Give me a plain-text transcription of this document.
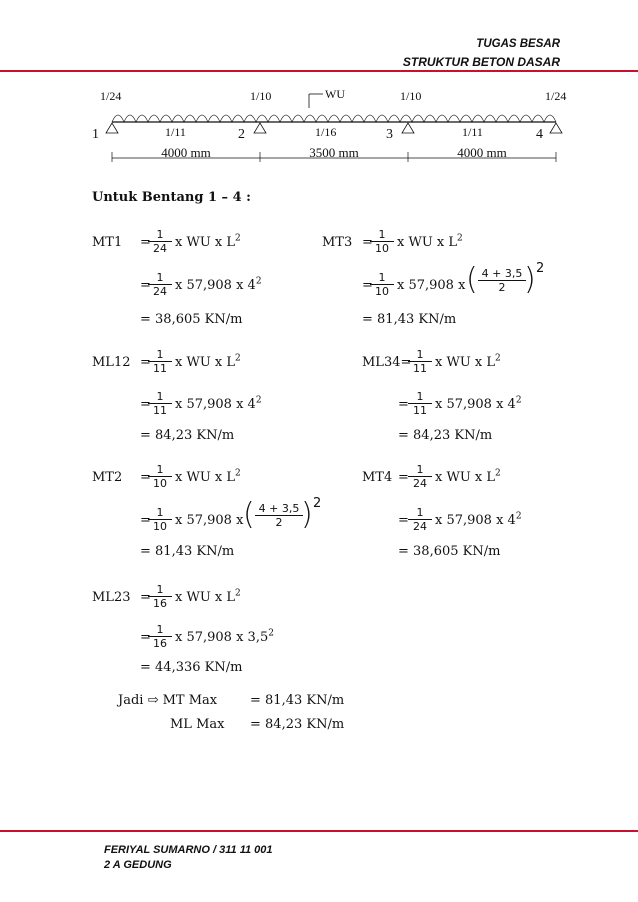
TUGAS BESAR
STRUKTUR BETON DASAR
1/24	1/10	WU	1/10	1/24
1	2	3	4
1/11	1/16	1/11
4000 mm	3500 mm	4000 mm
Untuk Bentang 1 – 4 :
MT1 =
$\frac{1}{24}$ x WU x $L^2$
=
$\frac{1}{24}$ x 57,908 x $4^2$
= 38,605 KN/m
MT3 =
$\frac{1}{10}$ x WU x $L^2$
=
$\frac{1}{10}$ x 57,908 x ( 4 + 3,5
2 ) 2
= 81,43 KN/m
ML12 =
$\frac{1}{11}$ x WU x $L^2$
=
$\frac{1}{11}$ x 57,908 x $4^2$
= 84,23 KN/m
ML34=
$\frac{1}{11}$ x WU x $L^2$
= $\frac{1}{11}$ x 57,908 x $4^2$
= 84,23 KN/m
MT2 =
$\frac{1}{10}$ x WU x $L^2$
=
$\frac{1}{10}$ x 57,908 x ( 4 + 3,5
2 ) 2
= 81,43 KN/m
$MT4 = \frac{1}{24}$ x WU x $L^2$
= $\frac{1}{24}$ x 57,908 x $4^2$
= 38,605 KN/m
ML23 =
$\frac{1}{16}$ x WU x $L^2$
=
$\frac{1}{16}$ x 57,908 x $3,5^2$
= 44,336 KN/m
Jadi ⇨ MT Max	= 81,43 KN/m
ML Max = 84,23 KN/m
FERIYAL SUMARNO / 311 11 001
2 A GEDUNG
